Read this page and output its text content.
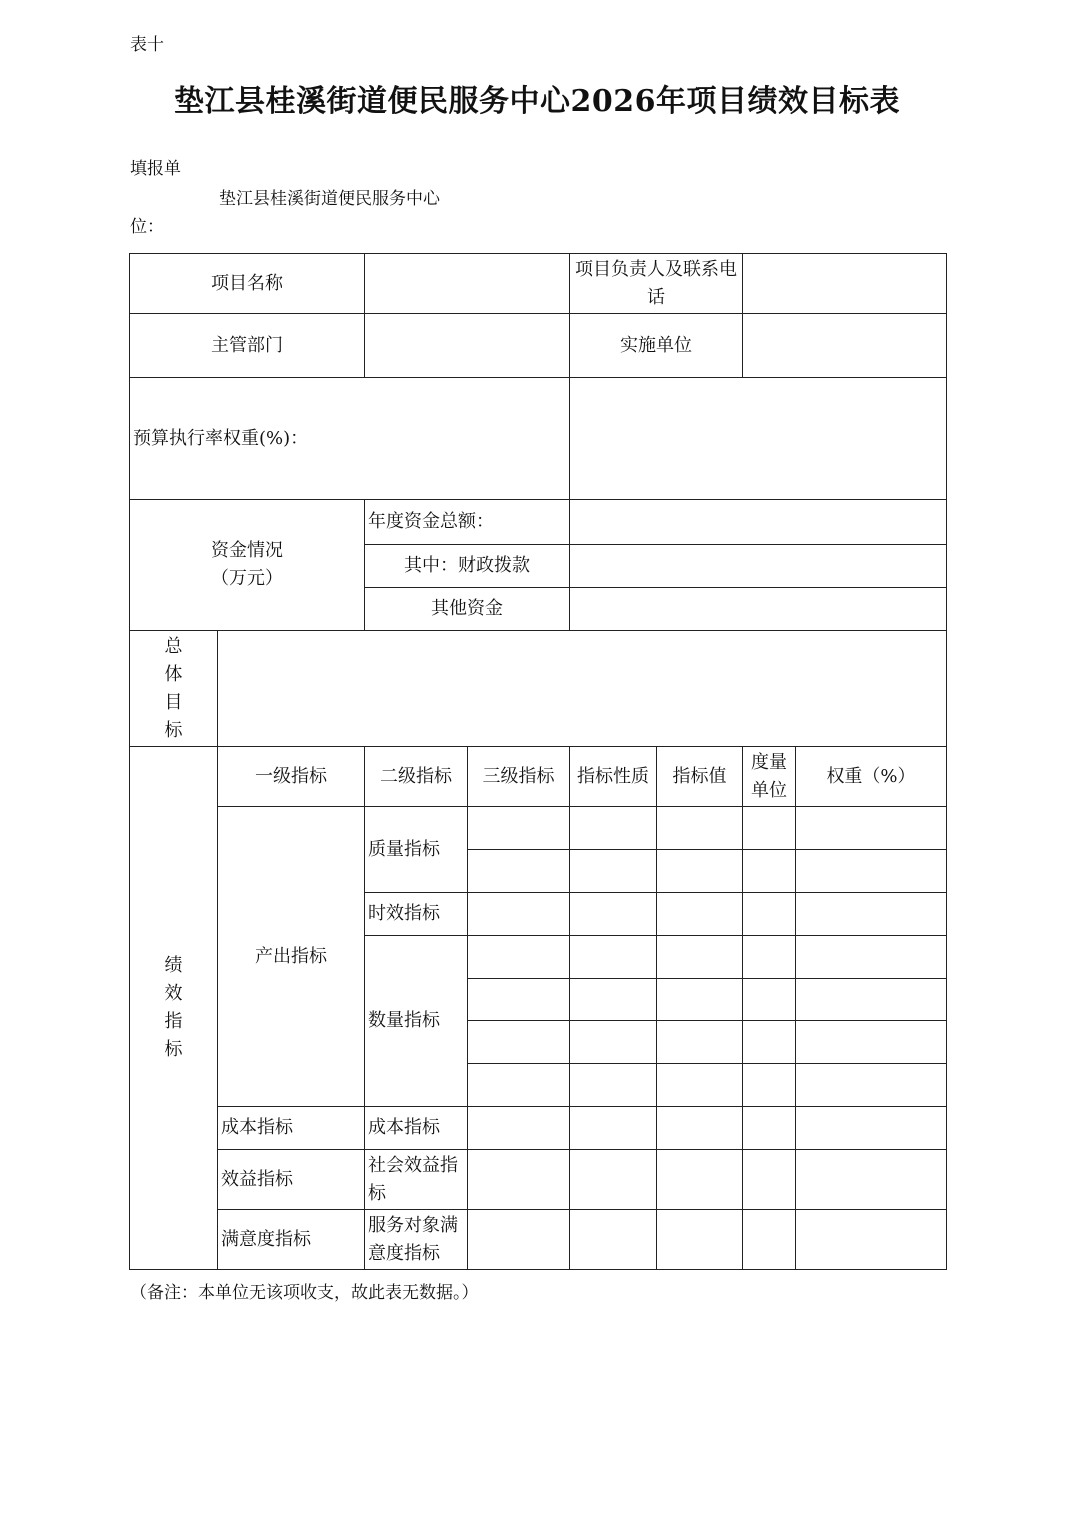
表十
垫江县桂溪街道便民服务中心2026年项目绩效目标表
填报单
垫江县桂溪街道便民服务中心
位：
项目名称				项目负责人及联系电话			
主管部门				实施单位			
预算执行率权重(%)：							

资金情况（万元）		年度资金总额：					
		其中：财政拨款					
		其他资金					
总体目标							
绩效指标	一级指标	二级指标	三级指标	指标性质	指标值	度量单位	权重（%）
	产出指标	质量指标					

		时效指标					
		数量指标					

	成本指标	成本指标					
	效益指标	社会效益指标					
	满意度指标	服务对象满意度指标					
（备注：本单位无该项收支，故此表无数据。）
